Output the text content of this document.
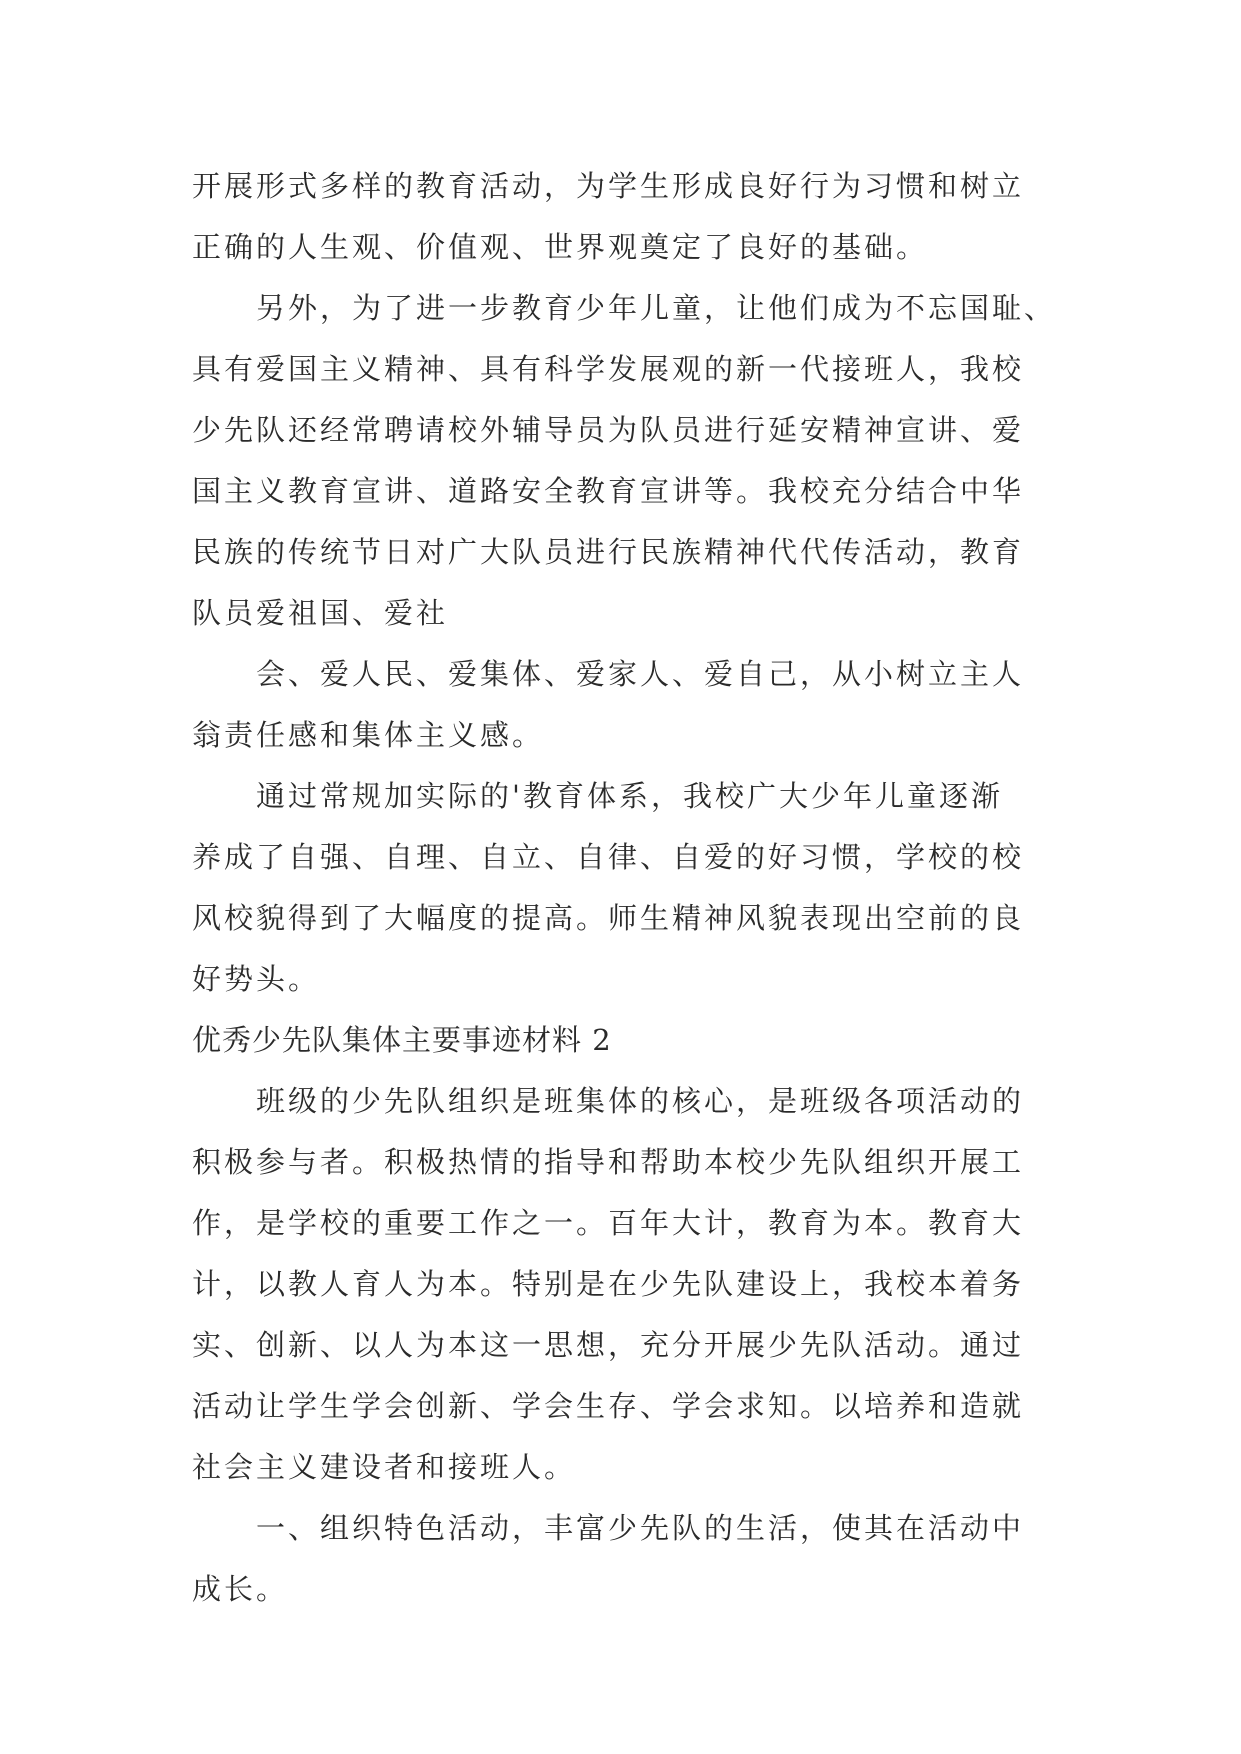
开展形式多样的教育活动，为学生形成良好行为习惯和树立
正确的人生观、价值观、世界观奠定了良好的基础。
另外，为了进一步教育少年儿童，让他们成为不忘国耻、
具有爱国主义精神、具有科学发展观的新一代接班人，我校
少先队还经常聘请校外辅导员为队员进行延安精神宣讲、爱
国主义教育宣讲、道路安全教育宣讲等。我校充分结合中华
民族的传统节日对广大队员进行民族精神代代传活动，教育
队员爱祖国、爱社
会、爱人民、爱集体、爱家人、爱自己，从小树立主人
翁责任感和集体主义感。
通过常规加实际的'教育体系，我校广大少年儿童逐渐
养成了自强、自理、自立、自律、自爱的好习惯，学校的校
风校貌得到了大幅度的提高。师生精神风貌表现出空前的良
好势头。
优秀少先队集体主要事迹材料 2
班级的少先队组织是班集体的核心，是班级各项活动的
积极参与者。积极热情的指导和帮助本校少先队组织开展工
作，是学校的重要工作之一。百年大计，教育为本。教育大
计，以教人育人为本。特别是在少先队建设上，我校本着务
实、创新、以人为本这一思想，充分开展少先队活动。通过
活动让学生学会创新、学会生存、学会求知。以培养和造就
社会主义建设者和接班人。
一、组织特色活动，丰富少先队的生活，使其在活动中
成长。
